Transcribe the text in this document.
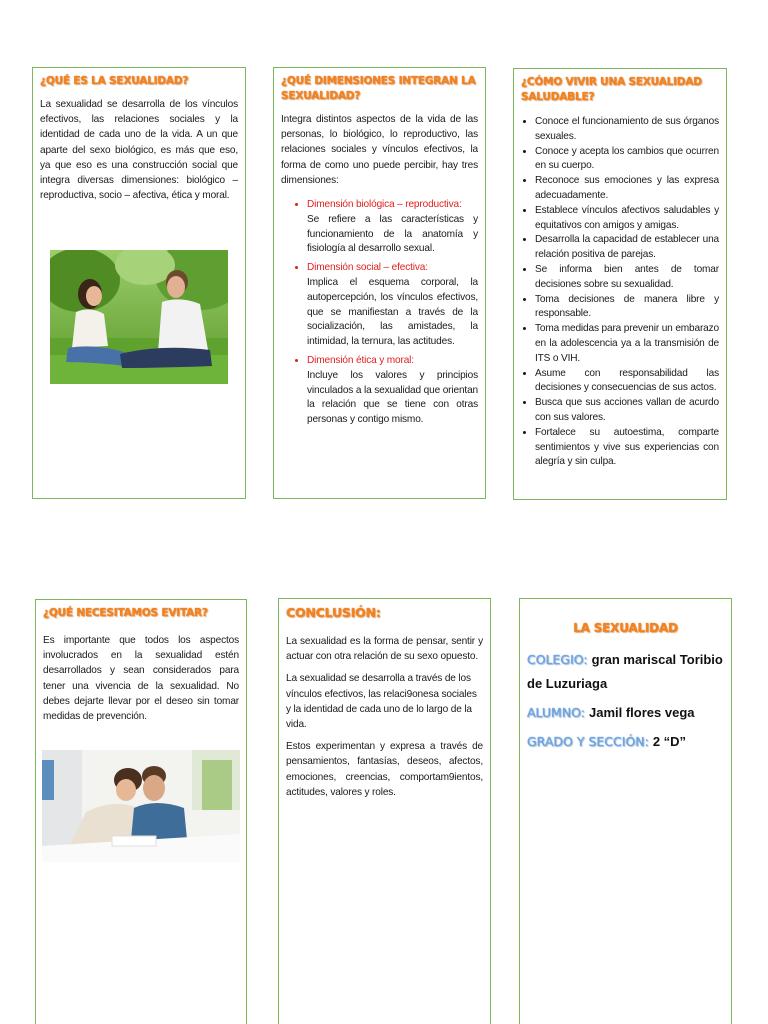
¿QUÉ ES LA SEXUALIDAD?

La sexualidad se desarrolla de los vínculos efectivos, las relaciones sociales y la identidad de cada uno de la vida. A un que aparte del sexo biológico, es más que eso, ya que eso es una construcción social que integra diversas dimensiones: biológico – reproductiva, socio – afectiva, ética y moral.

¿QUÉ DIMENSIONES INTEGRAN LA SEXUALIDAD?

Integra distintos aspectos de la vida de las personas, lo biológico, lo reproductivo, las relaciones sociales y vínculos efectivos, la forma de como uno puede percibir, hay tres dimensiones:

• Dimensión biológica – reproductiva:
Se refiere a las características y funcionamiento de la anatomía y fisiología al desarrollo sexual.
• Dimensión social – efectiva:
Implica el esquema corporal, la autopercepción, los vínculos efectivos, que se manifiestan a través de la socialización, las amistades, la intimidad, la ternura, las actitudes.
• Dimensión ética y moral:
Incluye los valores y principios vinculados a la sexualidad que orientan la relación que se tiene con otras personas y contigo mismo.
¿CÓMO VIVIR UNA SEXUALIDAD SALUDABLE?
• Conoce el funcionamiento de sus órganos sexuales.
• Conoce y acepta los cambios que ocurren en su cuerpo.
• Reconoce sus emociones y las expresa adecuadamente.
• Establece vínculos afectivos saludables y equitativos con amigos y amigas.
• Desarrolla la capacidad de establecer una relación positiva de parejas.
• Se informa bien antes de tomar decisiones sobre su sexualidad.
• Toma decisiones de manera libre y responsable.
• Toma medidas para prevenir un embarazo en la adolescencia ya a la transmisión de ITS o VIH.
• Asume con responsabilidad las decisiones y consecuencias de sus actos.
• Busca que sus acciones vallan de acurdo con sus valores.
• Fortalece su autoestima, comparte sentimientos y vive sus experiencias con alegría y sin culpa.
¿QUÉ NECESITAMOS EVITAR?

Es importante que todos los aspectos involucrados en la sexualidad estén desarrollados y sean considerados para tener una vivencia de la sexualidad. No debes dejarte llevar por el deseo sin tomar medidas de prevención.

CONCLUSIÓN:

La sexualidad es la forma de pensar, sentir y actuar con otra relación de su sexo opuesto.

La sexualidad se desarrolla a través de los vínculos efectivos, las relaci9onesa sociales y la identidad de cada uno de lo largo de la vida.

Estos experimentan y expresa a través de pensamientos, fantasías, deseos, afectos, emociones, creencias, comportam9ientos, actitudes, valores y roles.

LA SEXUALIDAD
COLEGIO: gran mariscal Toribio de Luzuriaga
ALUMNO: Jamil flores vega
GRADO Y SECCIÓN: 2 “D”
